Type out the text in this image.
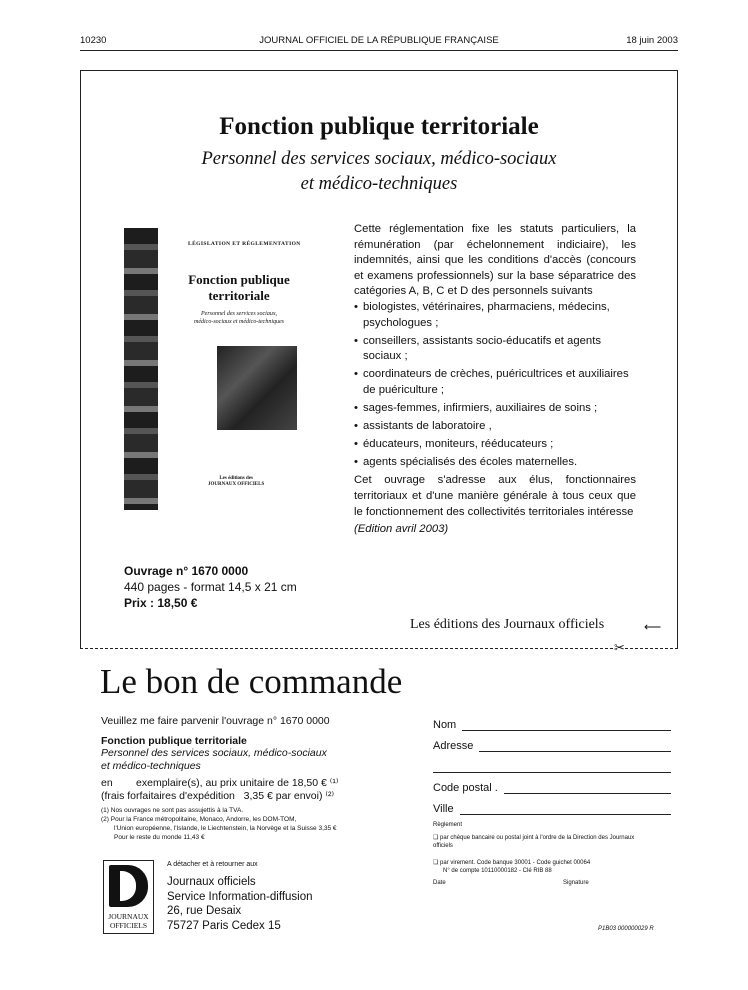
10230	JOURNAL OFFICIEL DE LA RÉPUBLIQUE FRANÇAISE	18 juin 2003
Fonction publique territoriale
Personnel des services sociaux, médico-sociaux
et médico-techniques
LÉGISLATION ET RÉGLEMENTATION
Fonction publique
territoriale
Personnel des services sociaux,
médico-sociaux et médico-techniques
Les éditions des
JOURNAUX OFFICIELS

Cette réglementation fixe les statuts particuliers, la rémunération (par échelonnement indiciaire), les indemnités, ainsi que les conditions d'accès (concours et examens professionnels) sur la base séparatrice des catégories A, B, C et D des personnels suivants

• biologistes, vétérinaires, pharmaciens, médecins, psychologues ;
• conseillers, assistants socio-éducatifs et agents sociaux ;
• coordinateurs de crèches, puéricultrices et auxiliaires de puériculture ;
• sages-femmes, infirmiers, auxiliaires de soins ;
• assistants de laboratoire ,
• éducateurs, moniteurs, rééducateurs ;
• agents spécialisés des écoles maternelles.

Cet ouvrage s'adresse aux élus, fonctionnaires territoriaux et d'une manière générale à tous ceux que le fonctionnement des collectivités territoriales intéresse

(Edition avril 2003)

Ouvrage n° 1670 0000
440 pages - format 14,5 x 21 cm
Prix : 18,50 €
Les éditions des Journaux officiels	⟵
✂
Le bon de commande

Veuillez me faire parvenir l'ouvrage n° 1670 0000

Fonction publique territoriale

Personnel des services sociaux, médico-sociaux

et médico-techniques

en        exemplaire(s), au prix unitaire de 18,50 € ⁽¹⁾

(frais forfaitaires d'expédition   3,35 € par envoi) ⁽²⁾

(1) Nos ouvrages ne sont pas assujettis à la TVA.

(2) Pour la France métropolitaine, Monaco, Andorre, les DOM-TOM,

l'Union européenne, l'Islande, le Liechtenstein, la Norvège et la Suisse 3,35 €

Pour le reste du monde 11,43 €

Nom
Adresse
Code postal .
Ville
Règlement
❑ par chèque bancaire ou postal joint à l'ordre de la Direction des Journaux officiels
❑ par virement. Code banque 30001 - Code guichet 00064
N° de compte 10110000182 - Clé RIB 88
Date	Signature
JOURNAUX
OFFICIELS
A détacher et à retourner aux
Journaux officiels
Service Information-diffusion
26, rue Desaix
75727 Paris Cedex 15	P1B03 000000029 R
